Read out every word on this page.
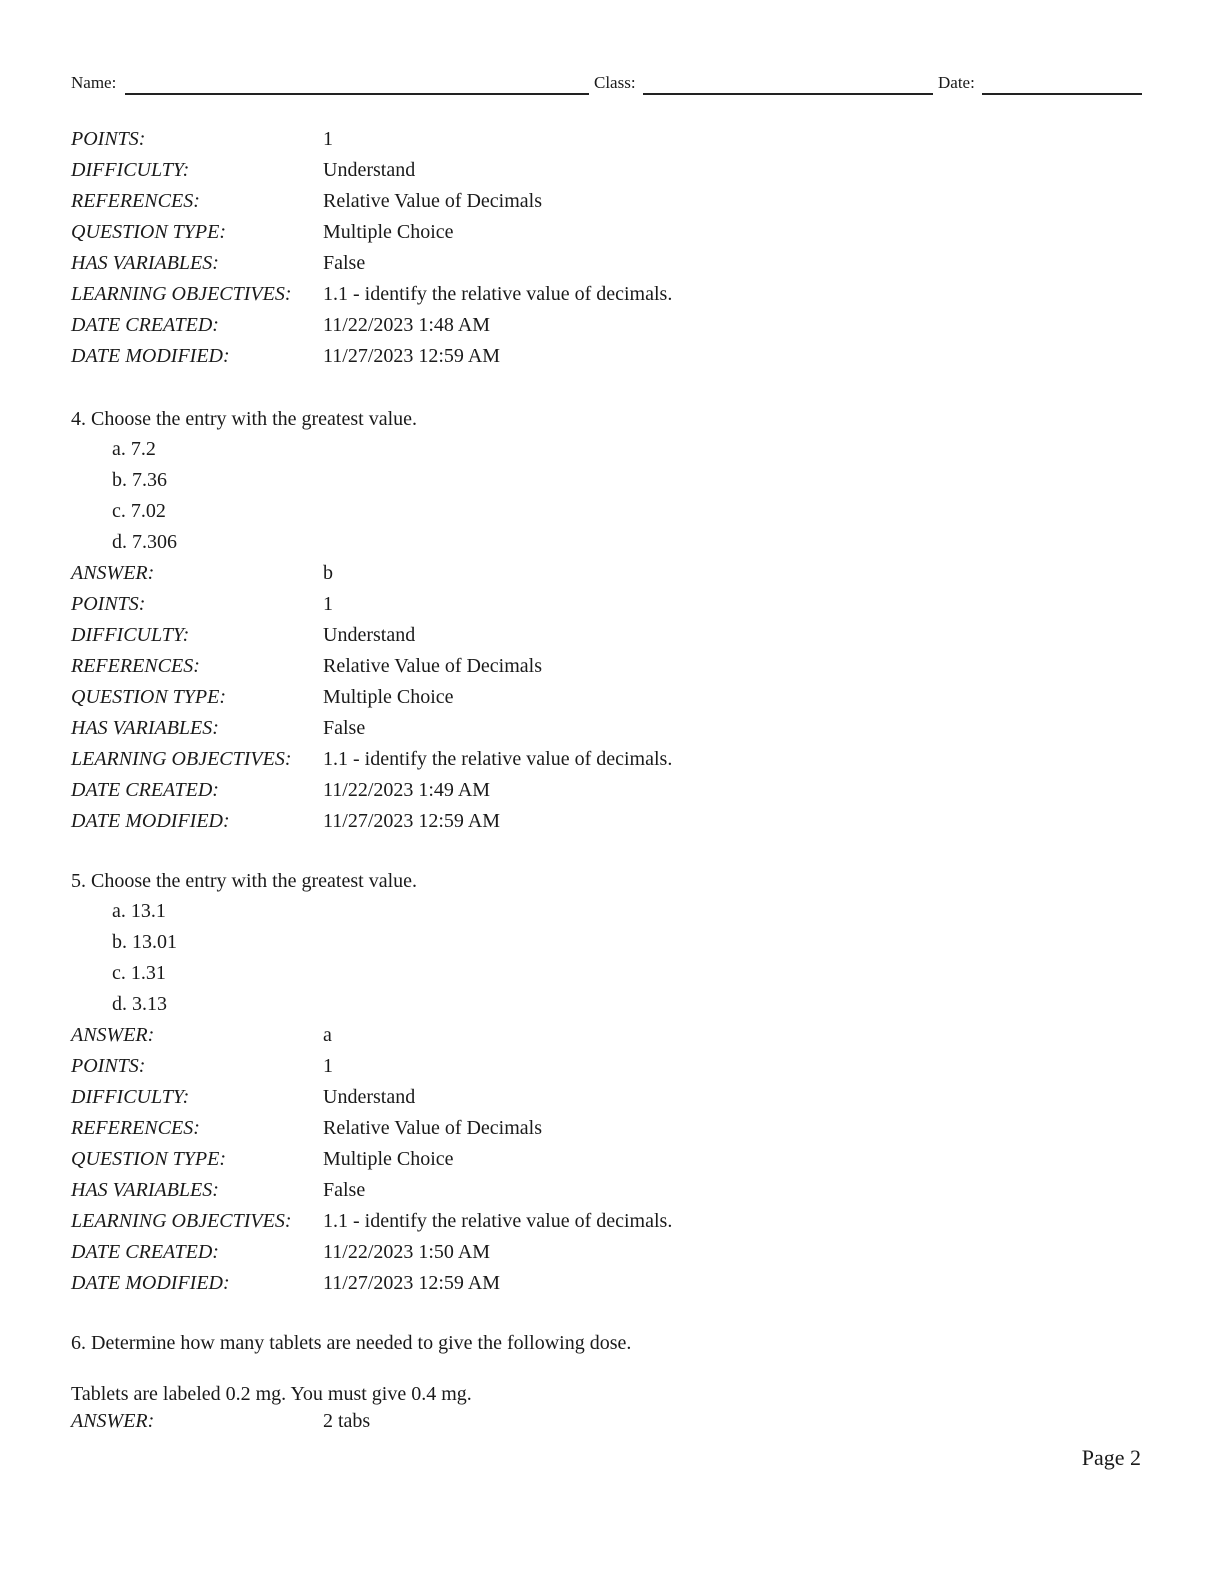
Name:	Class:	Date:
POINTS:	1
DIFFICULTY:	Understand
REFERENCES:	Relative Value of Decimals
QUESTION TYPE:	Multiple Choice
HAS VARIABLES:	False
LEARNING OBJECTIVES: 1.1 - identify the relative value of decimals.
DATE CREATED:	11/22/2023 1:48 AM
DATE MODIFIED:	11/27/2023 12:59 AM
4. Choose the entry with the greatest value.
a. 7.2
b. 7.36
c. 7.02
d. 7.306
ANSWER:	b
POINTS:	1
DIFFICULTY:	Understand
REFERENCES:	Relative Value of Decimals
QUESTION TYPE:	Multiple Choice
HAS VARIABLES:	False
LEARNING OBJECTIVES: 1.1 - identify the relative value of decimals.
DATE CREATED:	11/22/2023 1:49 AM
DATE MODIFIED:	11/27/2023 12:59 AM
5. Choose the entry with the greatest value.
a. 13.1
b. 13.01
c. 1.31
d. 3.13
ANSWER:	a
POINTS:	1
DIFFICULTY:	Understand
REFERENCES:	Relative Value of Decimals
QUESTION TYPE:	Multiple Choice
HAS VARIABLES:	False
LEARNING OBJECTIVES: 1.1 - identify the relative value of decimals.
DATE CREATED:	11/22/2023 1:50 AM
DATE MODIFIED:	11/27/2023 12:59 AM
6. Determine how many tablets are needed to give the following dose.
Tablets are labeled 0.2 mg. You must give 0.4 mg.
ANSWER:	2 tabs
Page 2
